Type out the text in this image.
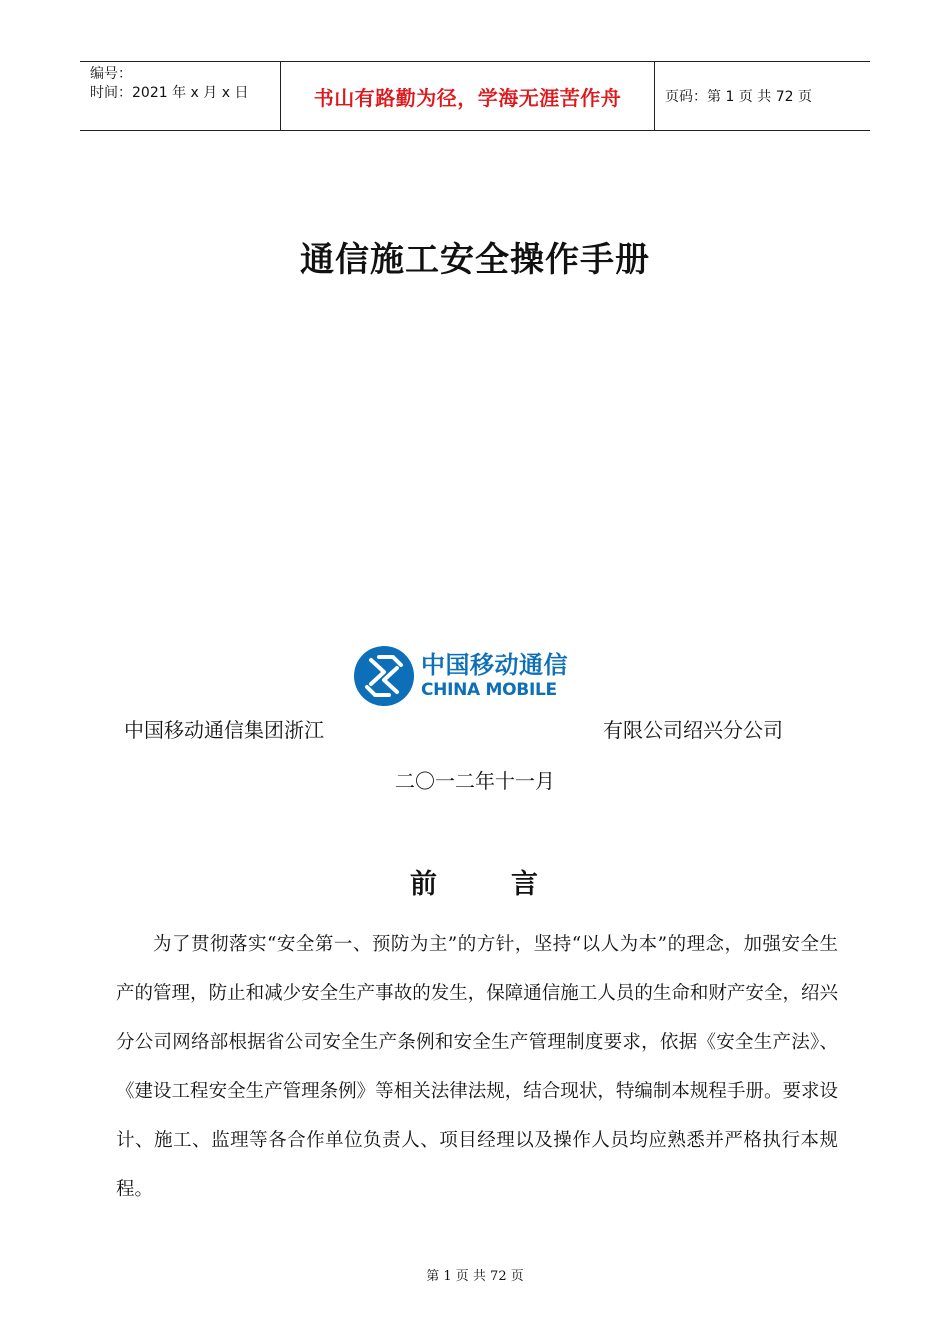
编号：
时间：2021 年 x 月 x 日	书山有路勤为径，学海无涯苦作舟	页码：第 1 页 共 72 页
通信施工安全操作手册
中国移动通信
CHINA MOBILE
中国移动通信集团浙江	有限公司绍兴分公司
二〇一二年十一月
前	言

为了贯彻落实“安全第一、预防为主”的方针，坚持“以人为本”的理念，加强安全生产的管理，防止和减少安全生产事故的发生，保障通信施工人员的生命和财产安全，绍兴分公司网络部根据省公司安全生产条例和安全生产管理制度要求，依据《安全生产法》、《建设工程安全生产管理条例》等相关法律法规，结合现状，特编制本规程手册。要求设计、施工、监理等各合作单位负责人、项目经理以及操作人员均应熟悉并严格执行本规程。

第 1 页 共 72 页
